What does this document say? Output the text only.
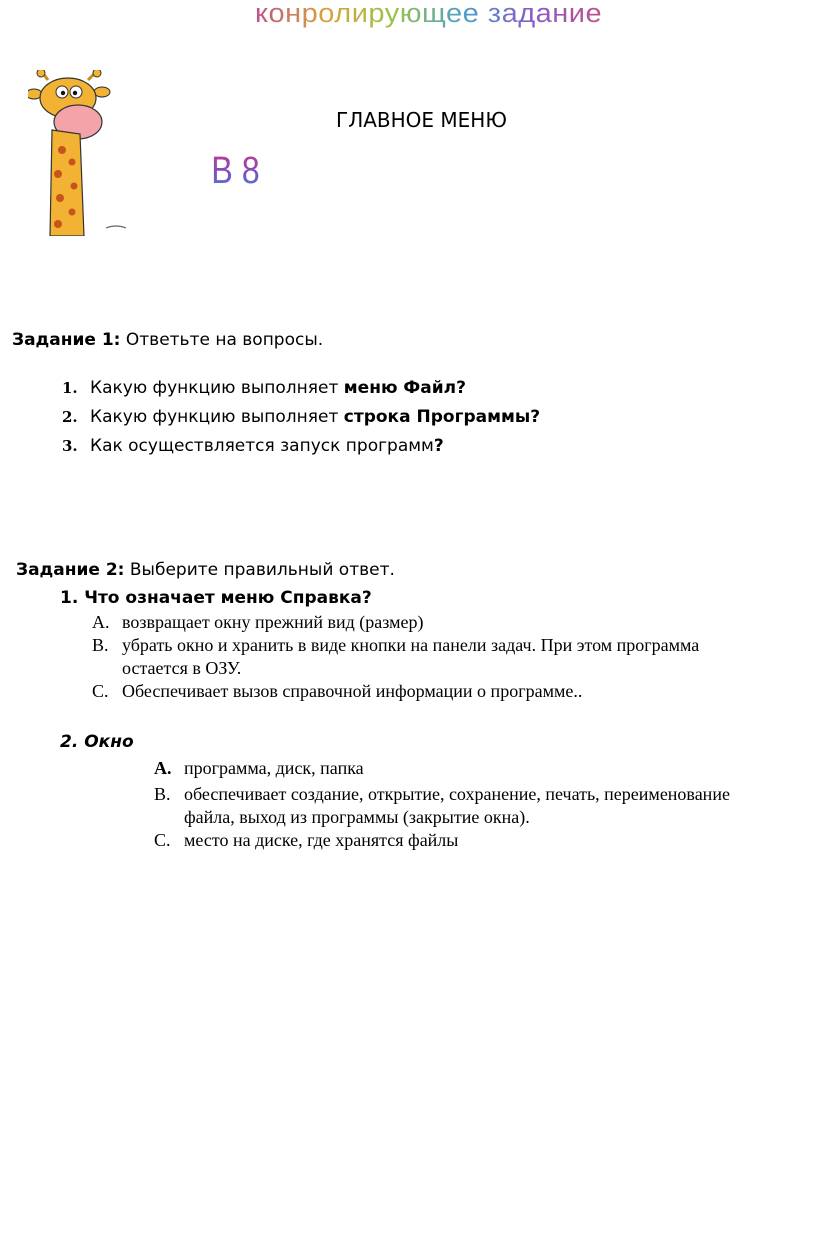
конролирующее задание
ГЛАВНОЕ МЕНЮ
В 8
Задание 1: Ответьте на вопросы.
1. Какую функцию выполняет меню Файл?
2. Какую функцию выполняет строка Программы?
3. Как осуществляется запуск программ?
Задание 2: Выберите правильный ответ.
1. Что означает меню Справка?
A. возвращает окну прежний вид (размер)
B. убрать окно и хранить в виде кнопки на панели задач. При этом программа
остается в ОЗУ.
C. Обеспечивает вызов справочной информации о программе..
2. Окно
A. программа, диск, папка
B. обеспечивает создание, открытие, сохранение, печать, переименование
файла, выход из программы (закрытие окна).
C. место на диске, где хранятся файлы
